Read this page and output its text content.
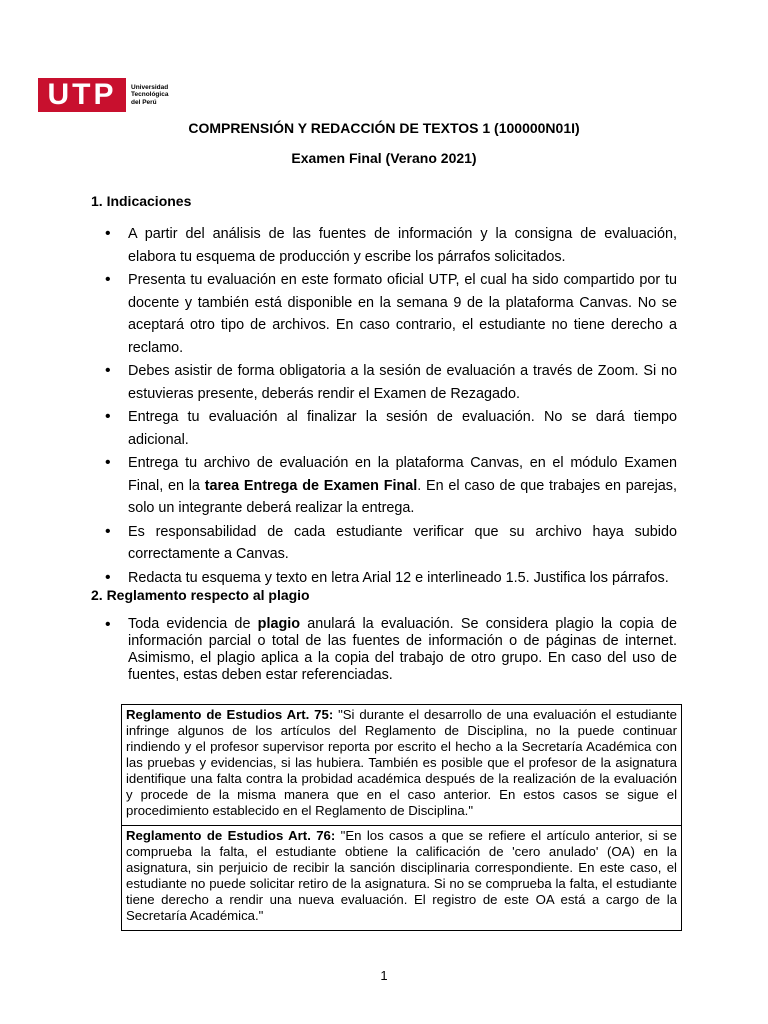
UTP	Universidad
Tecnológica
del Perú
COMPRENSIÓN Y REDACCIÓN DE TEXTOS 1 (100000N01I)
Examen Final (Verano 2021)
1. Indicaciones
• A partir del análisis de las fuentes de información y la consigna de evaluación, elabora tu esquema de producción y escribe los párrafos solicitados.
• Presenta tu evaluación en este formato oficial UTP, el cual ha sido compartido por tu docente y también está disponible en la semana 9 de la plataforma Canvas. No se aceptará otro tipo de archivos. En caso contrario, el estudiante no tiene derecho a reclamo.
• Debes asistir de forma obligatoria a la sesión de evaluación a través de Zoom. Si no estuvieras presente, deberás rendir el Examen de Rezagado.
• Entrega tu evaluación al finalizar la sesión de evaluación. No se dará tiempo adicional.
• Entrega tu archivo de evaluación en la plataforma Canvas, en el módulo Examen Final, en la tarea Entrega de Examen Final. En el caso de que trabajes en parejas, solo un integrante deberá realizar la entrega.
• Es responsabilidad de cada estudiante verificar que su archivo haya subido correctamente a Canvas.
• Redacta tu esquema y texto en letra Arial 12 e interlineado 1.5. Justifica los párrafos.
2. Reglamento respecto al plagio
• Toda evidencia de plagio anulará la evaluación. Se considera plagio la copia de información parcial o total de las fuentes de información o de páginas de internet. Asimismo, el plagio aplica a la copia del trabajo de otro grupo. En caso del uso de fuentes, estas deben estar referenciadas.
Reglamento de Estudios Art. 75: "Si durante el desarrollo de una evaluación el estudiante infringe algunos de los artículos del Reglamento de Disciplina, no la puede continuar rindiendo y el profesor supervisor reporta por escrito el hecho a la Secretaría Académica con las pruebas y evidencias, si las hubiera. También es posible que el profesor de la asignatura identifique una falta contra la probidad académica después de la realización de la evaluación y procede de la misma manera que en el caso anterior. En estos casos se sigue el procedimiento establecido en el Reglamento de Disciplina."
Reglamento de Estudios Art. 76: "En los casos a que se refiere el artículo anterior, si se comprueba la falta, el estudiante obtiene la calificación de 'cero anulado' (OA) en la asignatura, sin perjuicio de recibir la sanción disciplinaria correspondiente. En este caso, el estudiante no puede solicitar retiro de la asignatura. Si no se comprueba la falta, el estudiante tiene derecho a rendir una nueva evaluación. El registro de este OA está a cargo de la Secretaría Académica."
1
